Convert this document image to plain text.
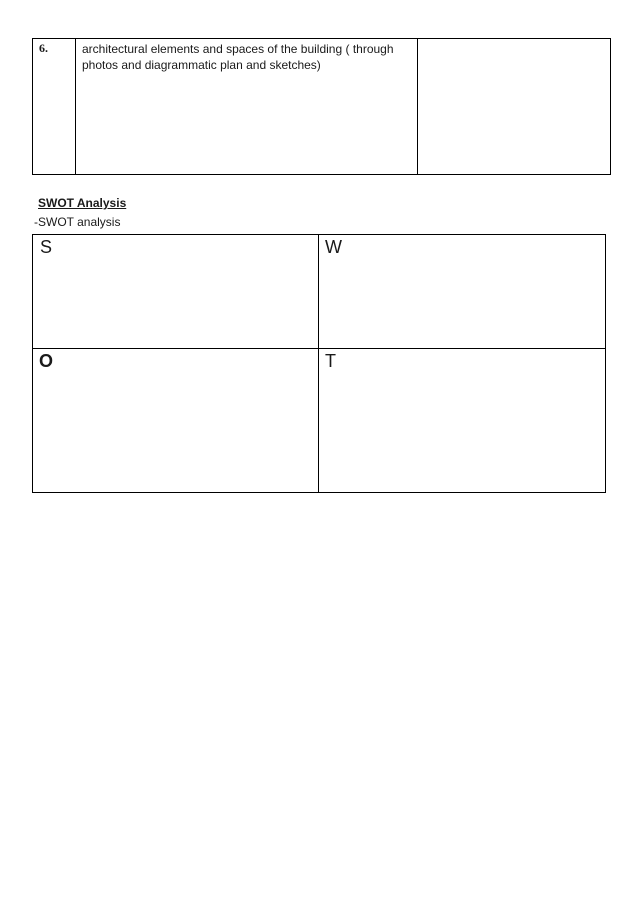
6.	architectural elements and spaces of the building ( through
photos and diagrammatic plan and sketches)
SWOT Analysis
-SWOT analysis
S	W
O	T
